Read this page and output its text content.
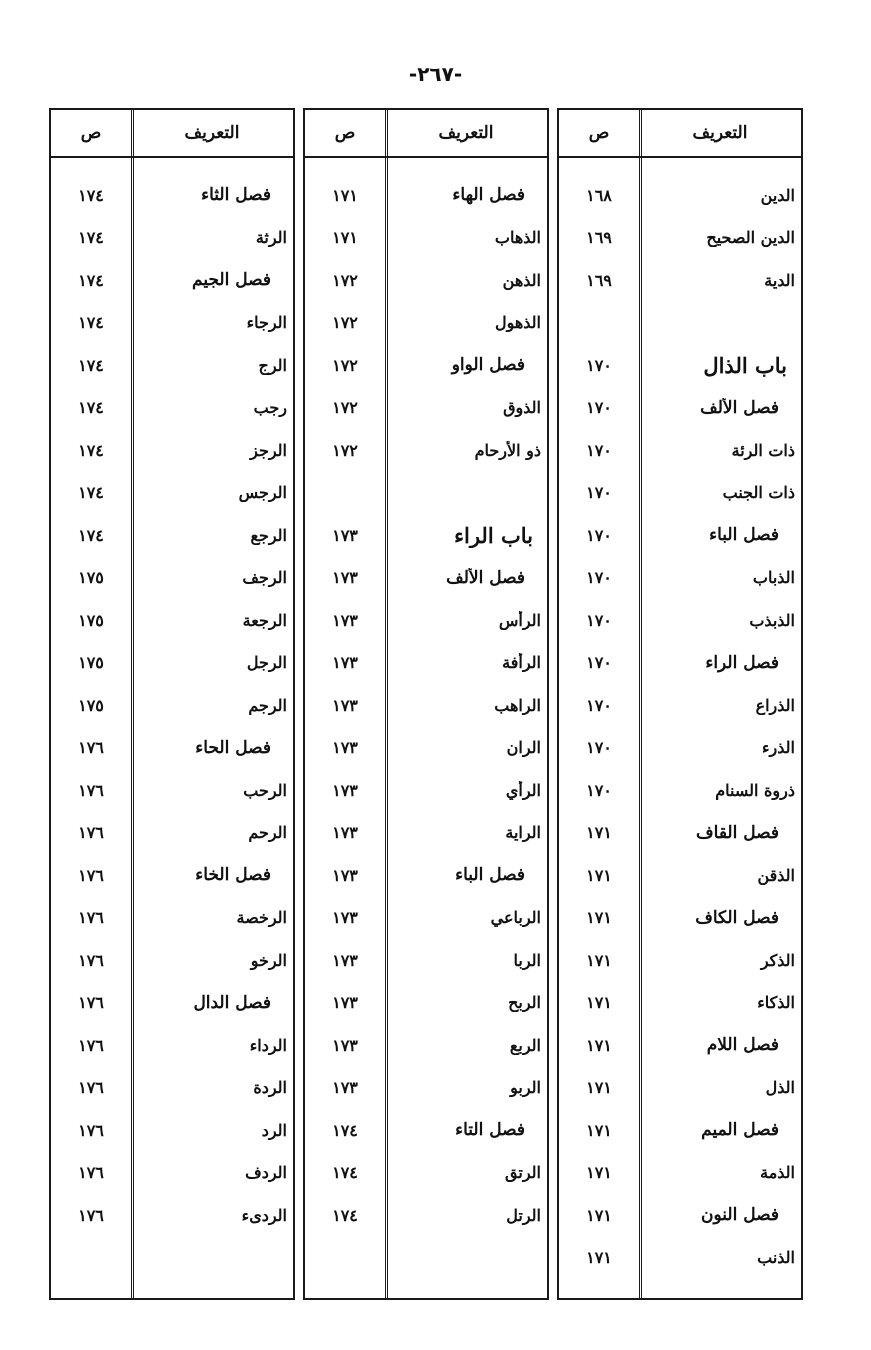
-٢٦٧-
التعريف
ص
الدين
١٦٨
الدين الصحيح
١٦٩
الدية
١٦٩
باب الذال
١٧٠
فصل الألف
١٧٠
ذات الرئة
١٧٠
ذات الجنب
١٧٠
فصل الباء
١٧٠
الذباب
١٧٠
الذبذب
١٧٠
فصل الراء
١٧٠
الذراع
١٧٠
الذرء
١٧٠
ذروة السنام
١٧٠
فصل القاف
١٧١
الذقن
١٧١
فصل الكاف
١٧١
الذكر
١٧١
الذكاء
١٧١
فصل اللام
١٧١
الذل
١٧١
فصل الميم
١٧١
الذمة
١٧١
فصل النون
١٧١
الذنب
١٧١
التعريف
ص
فصل الهاء
١٧١
الذهاب
١٧١
الذهن
١٧٢
الذهول
١٧٢
فصل الواو
١٧٢
الذوق
١٧٢
ذو الأرحام
١٧٢
باب الراء
١٧٣
فصل الألف
١٧٣
الرأس
١٧٣
الرأفة
١٧٣
الراهب
١٧٣
الران
١٧٣
الرأي
١٧٣
الراية
١٧٣
فصل الباء
١٧٣
الرباعي
١٧٣
الربا
١٧٣
الربح
١٧٣
الربع
١٧٣
الربو
١٧٣
فصل التاء
١٧٤
الرتق
١٧٤
الرتل
١٧٤
التعريف
ص
فصل الثاء
١٧٤
الرثة
١٧٤
فصل الجيم
١٧٤
الرجاء
١٧٤
الرج
١٧٤
رجب
١٧٤
الرجز
١٧٤
الرجس
١٧٤
الرجع
١٧٤
الرجف
١٧٥
الرجعة
١٧٥
الرجل
١٧٥
الرجم
١٧٥
فصل الحاء
١٧٦
الرحب
١٧٦
الرحم
١٧٦
فصل الخاء
١٧٦
الرخصة
١٧٦
الرخو
١٧٦
فصل الدال
١٧٦
الرداء
١٧٦
الردة
١٧٦
الرد
١٧٦
الردف
١٧٦
الردىء
١٧٦
